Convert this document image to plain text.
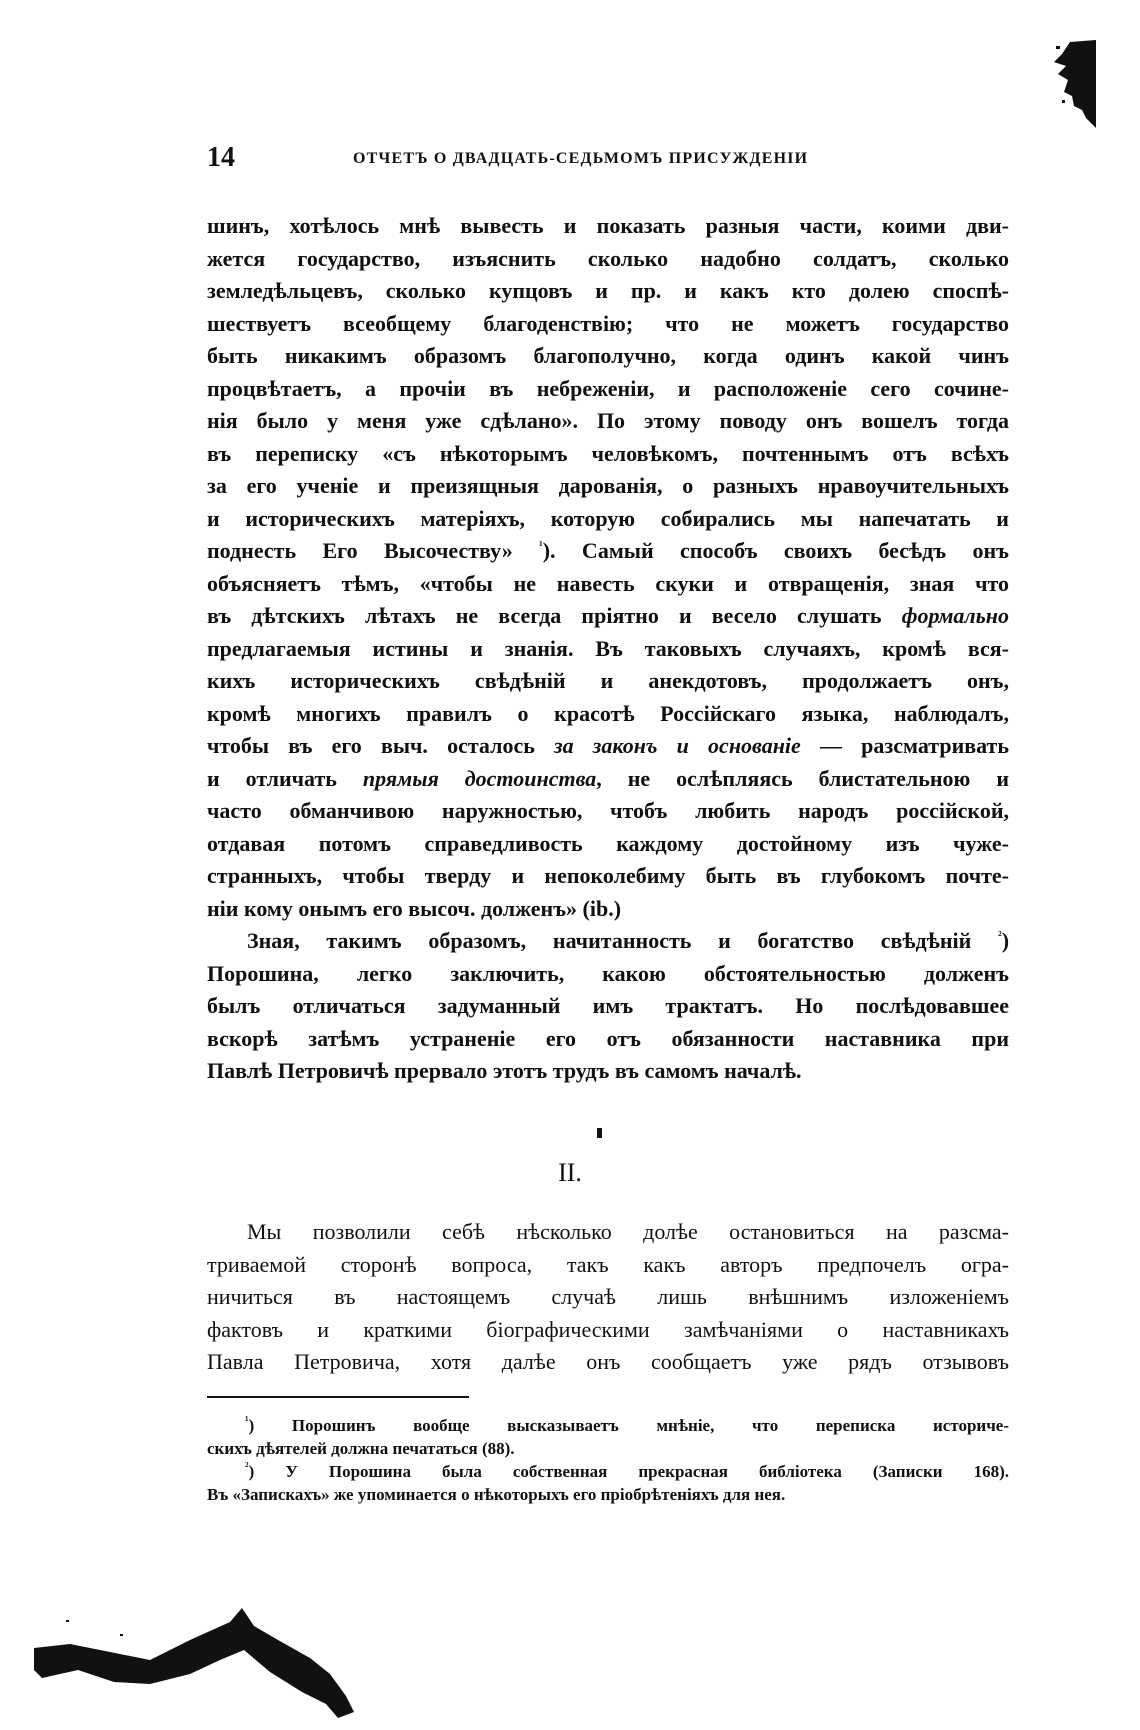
14	ОТЧЕТЪ О ДВАДЦАТЬ-СЕДЬМОМЪ ПРИСУЖДЕНІИ
шинъ, хотѣлось мнѣ вывесть и показать разныя части, коими дви-
жется государство, изъяснить сколько надобно солдатъ, сколько
земледѣльцевъ, сколько купцовъ и пр. и какъ кто долею споспѣ-
шествуетъ всеобщему благоденствію; что не можетъ государство
быть никакимъ образомъ благополучно, когда одинъ какой чинъ
процвѣтаетъ, а прочіи въ небреженіи, и расположеніе сего сочине-
нія было у меня уже сдѣлано». По этому поводу онъ вошелъ тогда
въ переписку «съ нѣкоторымъ человѣкомъ, почтеннымъ отъ всѣхъ
за его ученіе и преизящныя дарованія, о разныхъ нравоучительныхъ
и историческихъ матеріяхъ, которую собирались мы напечатать и
поднесть Его Высочеству» $^{^1}$). Самый способъ своихъ бесѣдъ онъ
объясняетъ тѣмъ, «чтобы не навесть скуки и отвращенія, зная что
въ дѣтскихъ лѣтахъ не всегда пріятно и весело слушать формально
предлагаемыя истины и знанія. Въ таковыхъ случаяхъ, кромѣ вся-
кихъ историческихъ свѣдѣній и анекдотовъ, продолжаетъ онъ,
кромѣ многихъ правилъ о красотѣ Россійскаго языка, наблюдалъ,
чтобы въ его выч. осталось за законъ и основаніе — разсматривать
и отличать прямыя достоинства, не ослѣпляясь блистательною и
часто обманчивою наружностью, чтобъ любить народъ россійской,
отдавая потомъ справедливость каждому достойному изъ чуже-
странныхъ, чтобы тверду и непоколебиму быть въ глубокомъ почте-
ніи кому онымъ его высоч. долженъ» (ib.)
Зная, такимъ образомъ, начитанность и богатство свѣдѣній $^{^2}$)
Порошина, легко заключить, какою обстоятельностью долженъ
былъ отличаться задуманный имъ трактатъ. Но послѣдовавшее
вскорѣ затѣмъ устраненіе его отъ обязанности наставника при
Павлѣ Петровичѣ прервало этотъ трудъ въ самомъ началѣ.
II.
Мы позволили себѣ нѣсколько долѣе остановиться на разсма-
триваемой сторонѣ вопроса, такъ какъ авторъ предпочелъ огра-
ничиться въ настоящемъ случаѣ лишь внѣшнимъ изложеніемъ
фактовъ и краткими біографическими замѣчаніями о наставникахъ
Павла Петровича, хотя далѣе онъ сообщаетъ уже рядъ отзывовъ
$^{^1}$) Порошинъ вообще высказываетъ мнѣніе, что переписка историче-
скихъ дѣятелей должна печататься (88).
$^{^2}$) У Порошина была собственная прекрасная библіотека (Записки 168).
Въ «Запискахъ» же упоминается о нѣкоторыхъ его пріобрѣтеніяхъ для нея.
